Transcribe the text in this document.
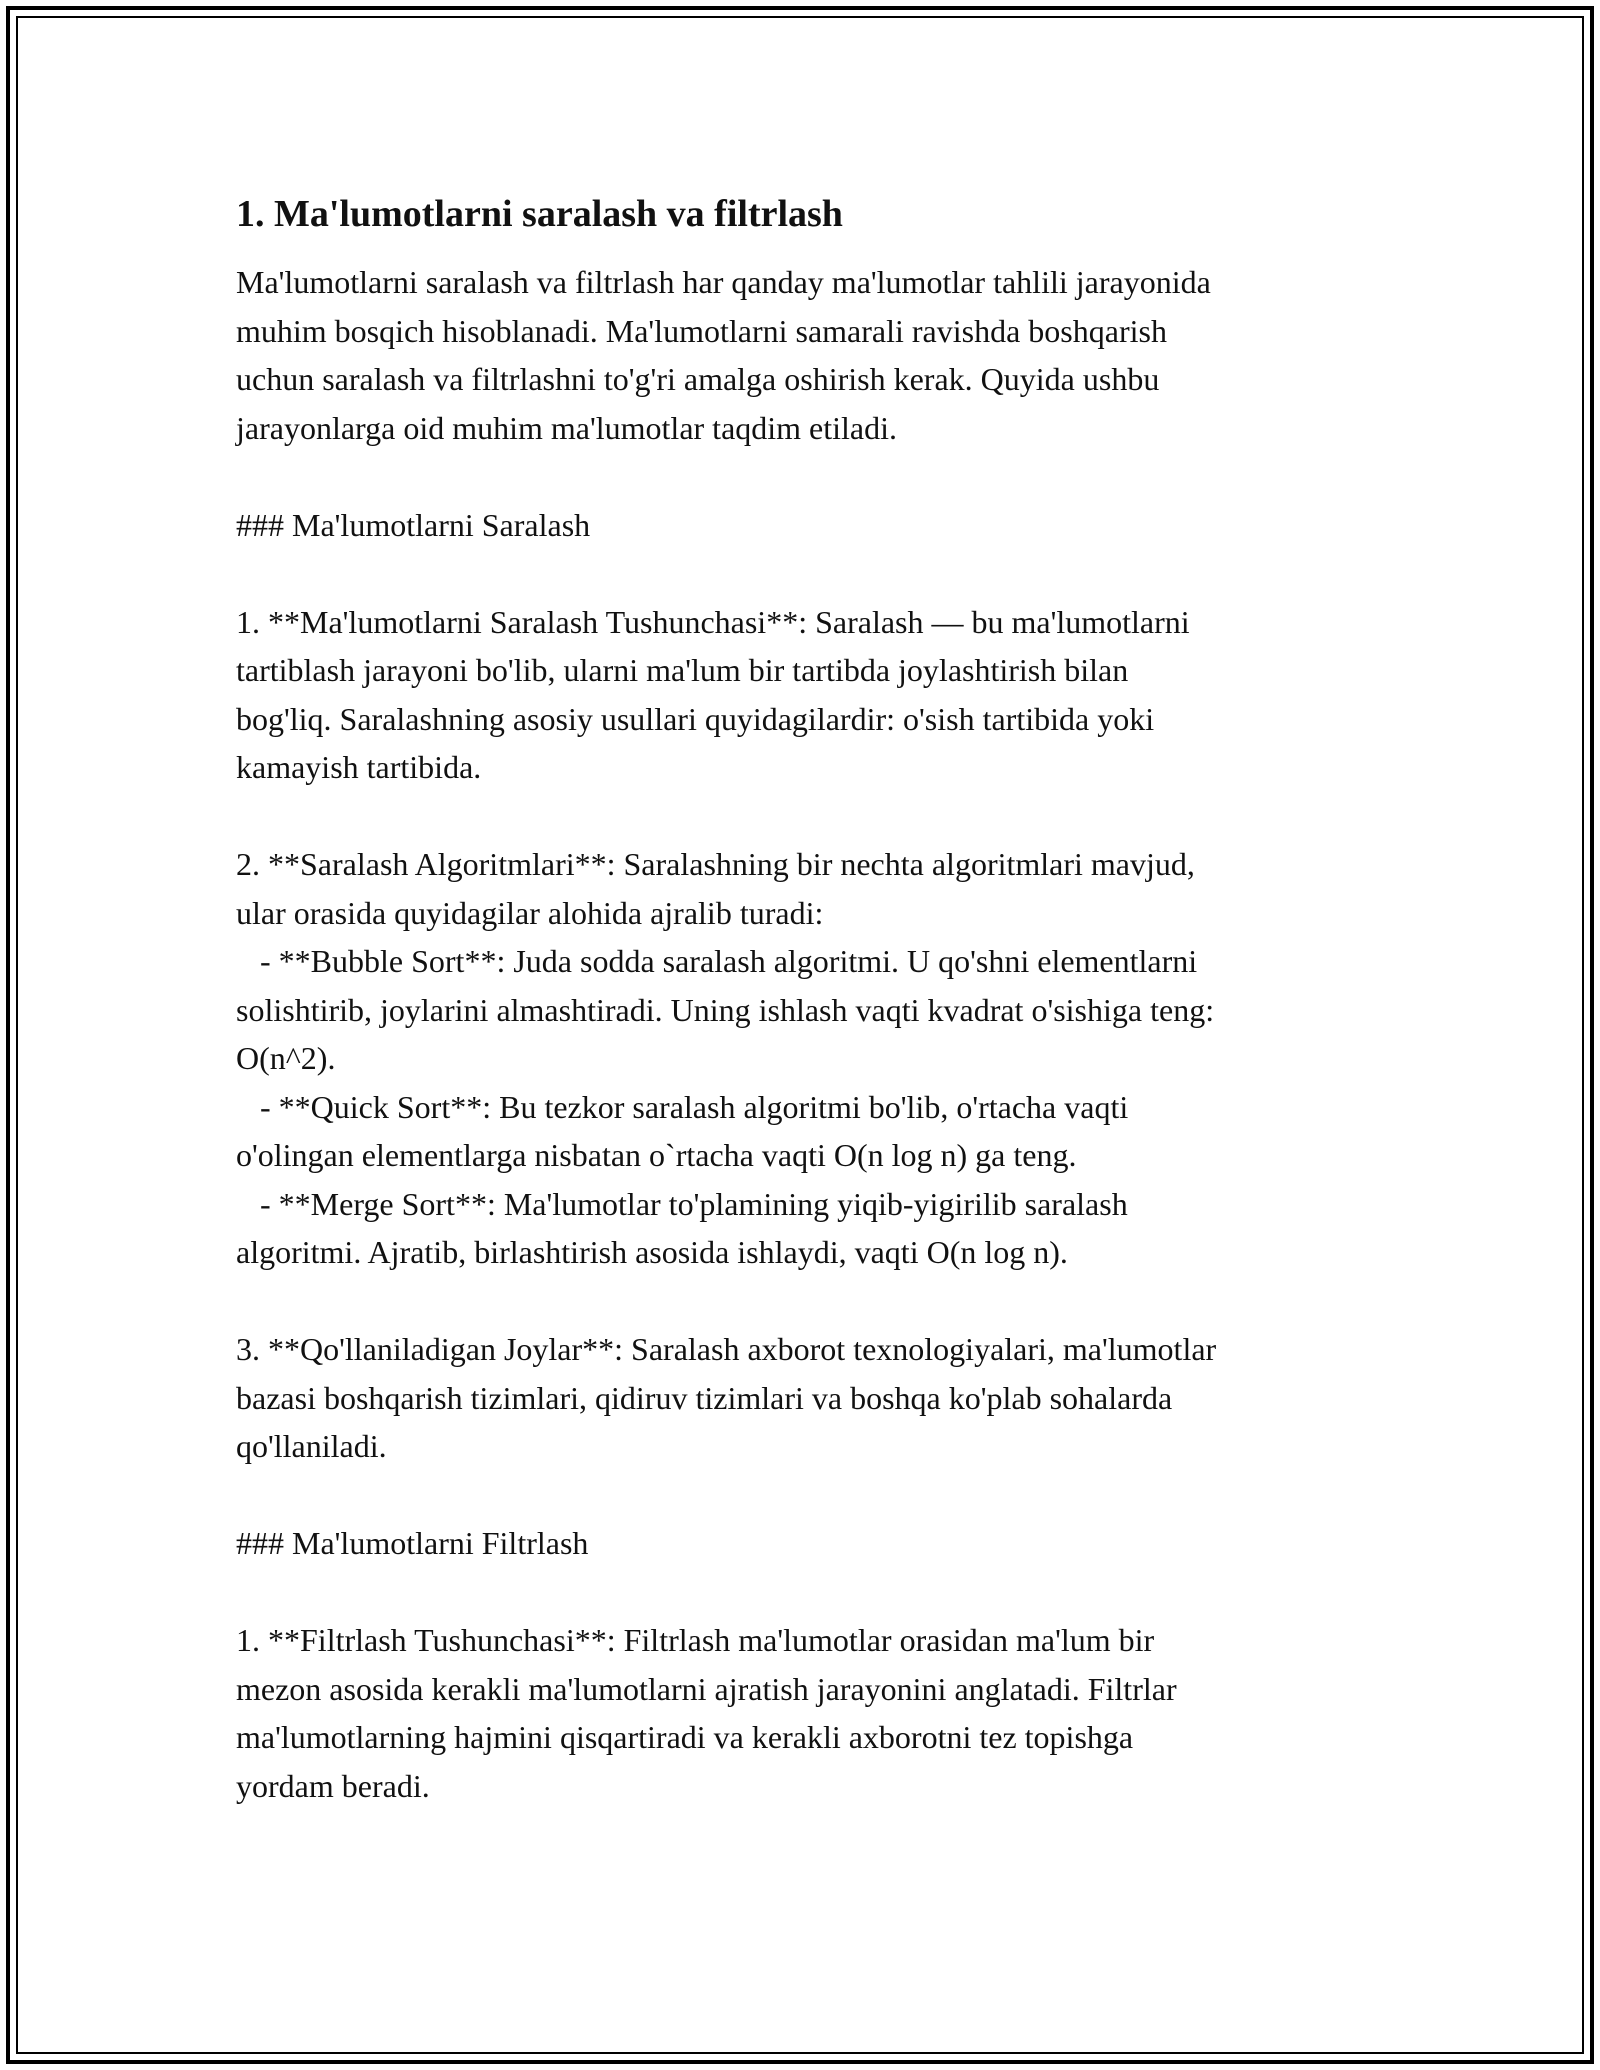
1. Ma'lumotlarni saralash va filtrlash
Ma'lumotlarni saralash va filtrlash har qanday ma'lumotlar tahlili jarayonida
muhim bosqich hisoblanadi. Ma'lumotlarni samarali ravishda boshqarish
uchun saralash va filtrlashni to'g'ri amalga oshirish kerak. Quyida ushbu
jarayonlarga oid muhim ma'lumotlar taqdim etiladi.
### Ma'lumotlarni Saralash
1. **Ma'lumotlarni Saralash Tushunchasi**: Saralash — bu ma'lumotlarni
tartiblash jarayoni bo'lib, ularni ma'lum bir tartibda joylashtirish bilan
bog'liq. Saralashning asosiy usullari quyidagilardir: o'sish tartibida yoki
kamayish tartibida.
2. **Saralash Algoritmlari**: Saralashning bir nechta algoritmlari mavjud,
ular orasida quyidagilar alohida ajralib turadi:
- **Bubble Sort**: Juda sodda saralash algoritmi. U qo'shni elementlarni
solishtirib, joylarini almashtiradi. Uning ishlash vaqti kvadrat o'sishiga teng:
O(n^2).
- **Quick Sort**: Bu tezkor saralash algoritmi bo'lib, o'rtacha vaqti
o'olingan elementlarga nisbatan o`rtacha vaqti O(n log n) ga teng.
- **Merge Sort**: Ma'lumotlar to'plamining yiqib-yigirilib saralash
algoritmi. Ajratib, birlashtirish asosida ishlaydi, vaqti O(n log n).
3. **Qo'llaniladigan Joylar**: Saralash axborot texnologiyalari, ma'lumotlar
bazasi boshqarish tizimlari, qidiruv tizimlari va boshqa ko'plab sohalarda
qo'llaniladi.
### Ma'lumotlarni Filtrlash
1. **Filtrlash Tushunchasi**: Filtrlash ma'lumotlar orasidan ma'lum bir
mezon asosida kerakli ma'lumotlarni ajratish jarayonini anglatadi. Filtrlar
ma'lumotlarning hajmini qisqartiradi va kerakli axborotni tez topishga
yordam beradi.
